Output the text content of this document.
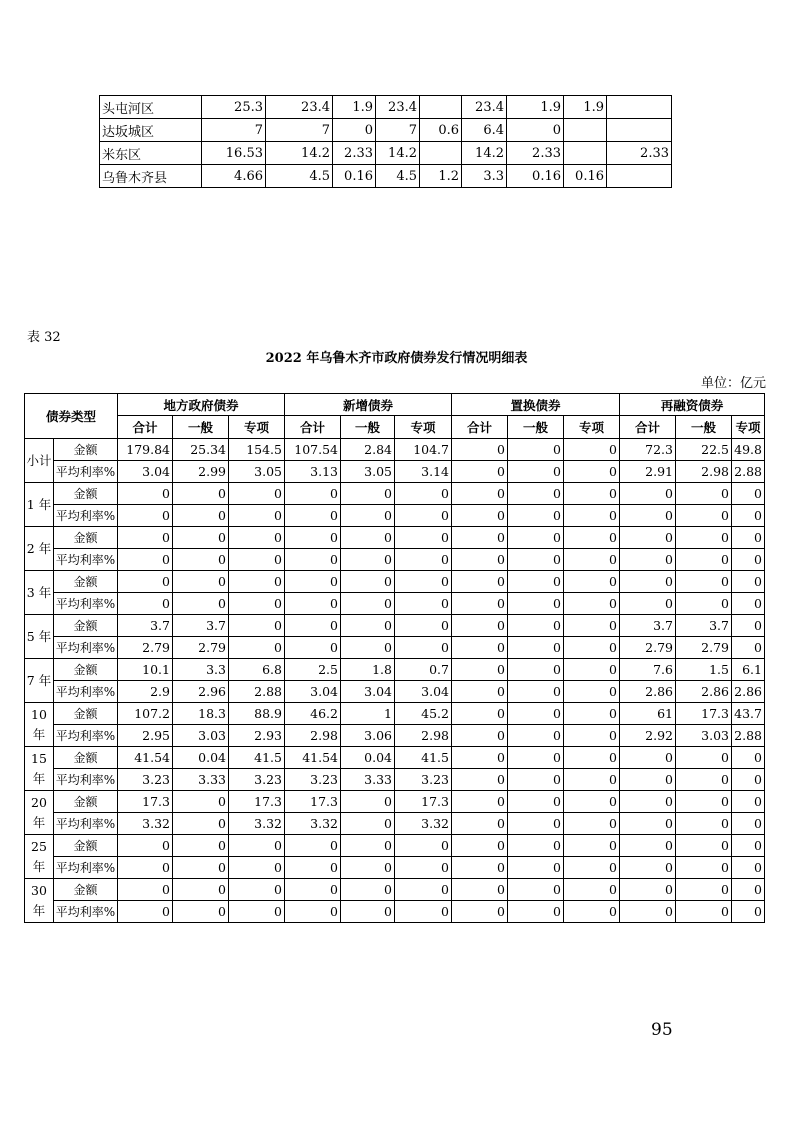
头屯河区	25.3	23.4	1.9	23.4		23.4	1.9	1.9	
达坂城区	7	7	0	7	0.6	6.4	0		
米东区	16.53	14.2	2.33	14.2		14.2	2.33		2.33
乌鲁木齐县	4.66	4.5	0.16	4.5	1.2	3.3	0.16	0.16	
表 32
2022 年乌鲁木齐市政府债券发行情况明细表
单位：亿元
债券类型		地方政府债券			新增债券			置换债券			再融资债券		
		合计	一般	专项	合计	一般	专项	合计	一般	专项	合计	一般	专项
小计	金额	179.84	25.34	154.5	107.54	2.84	104.7	0	0	0	72.3	22.5	49.8
	平均利率%	3.04	2.99	3.05	3.13	3.05	3.14	0	0	0	2.91	2.98	2.88
1 年	金额	0	0	0	0	0	0	0	0	0	0	0	0
	平均利率%	0	0	0	0	0	0	0	0	0	0	0	0
2 年	金额	0	0	0	0	0	0	0	0	0	0	0	0
	平均利率%	0	0	0	0	0	0	0	0	0	0	0	0
3 年	金额	0	0	0	0	0	0	0	0	0	0	0	0
	平均利率%	0	0	0	0	0	0	0	0	0	0	0	0
5 年	金额	3.7	3.7	0	0	0	0	0	0	0	3.7	3.7	0
	平均利率%	2.79	2.79	0	0	0	0	0	0	0	2.79	2.79	0
7 年	金额	10.1	3.3	6.8	2.5	1.8	0.7	0	0	0	7.6	1.5	6.1
	平均利率%	2.9	2.96	2.88	3.04	3.04	3.04	0	0	0	2.86	2.86	2.86
10 年	金额	107.2	18.3	88.9	46.2	1	45.2	0	0	0	61	17.3	43.7
	平均利率%	2.95	3.03	2.93	2.98	3.06	2.98	0	0	0	2.92	3.03	2.88
15 年	金额	41.54	0.04	41.5	41.54	0.04	41.5	0	0	0	0	0	0
	平均利率%	3.23	3.33	3.23	3.23	3.33	3.23	0	0	0	0	0	0
20 年	金额	17.3	0	17.3	17.3	0	17.3	0	0	0	0	0	0
	平均利率%	3.32	0	3.32	3.32	0	3.32	0	0	0	0	0	0
25 年	金额	0	0	0	0	0	0	0	0	0	0	0	0
	平均利率%	0	0	0	0	0	0	0	0	0	0	0	0
30 年	金额	0	0	0	0	0	0	0	0	0	0	0	0
	平均利率%	0	0	0	0	0	0	0	0	0	0	0	0
95
